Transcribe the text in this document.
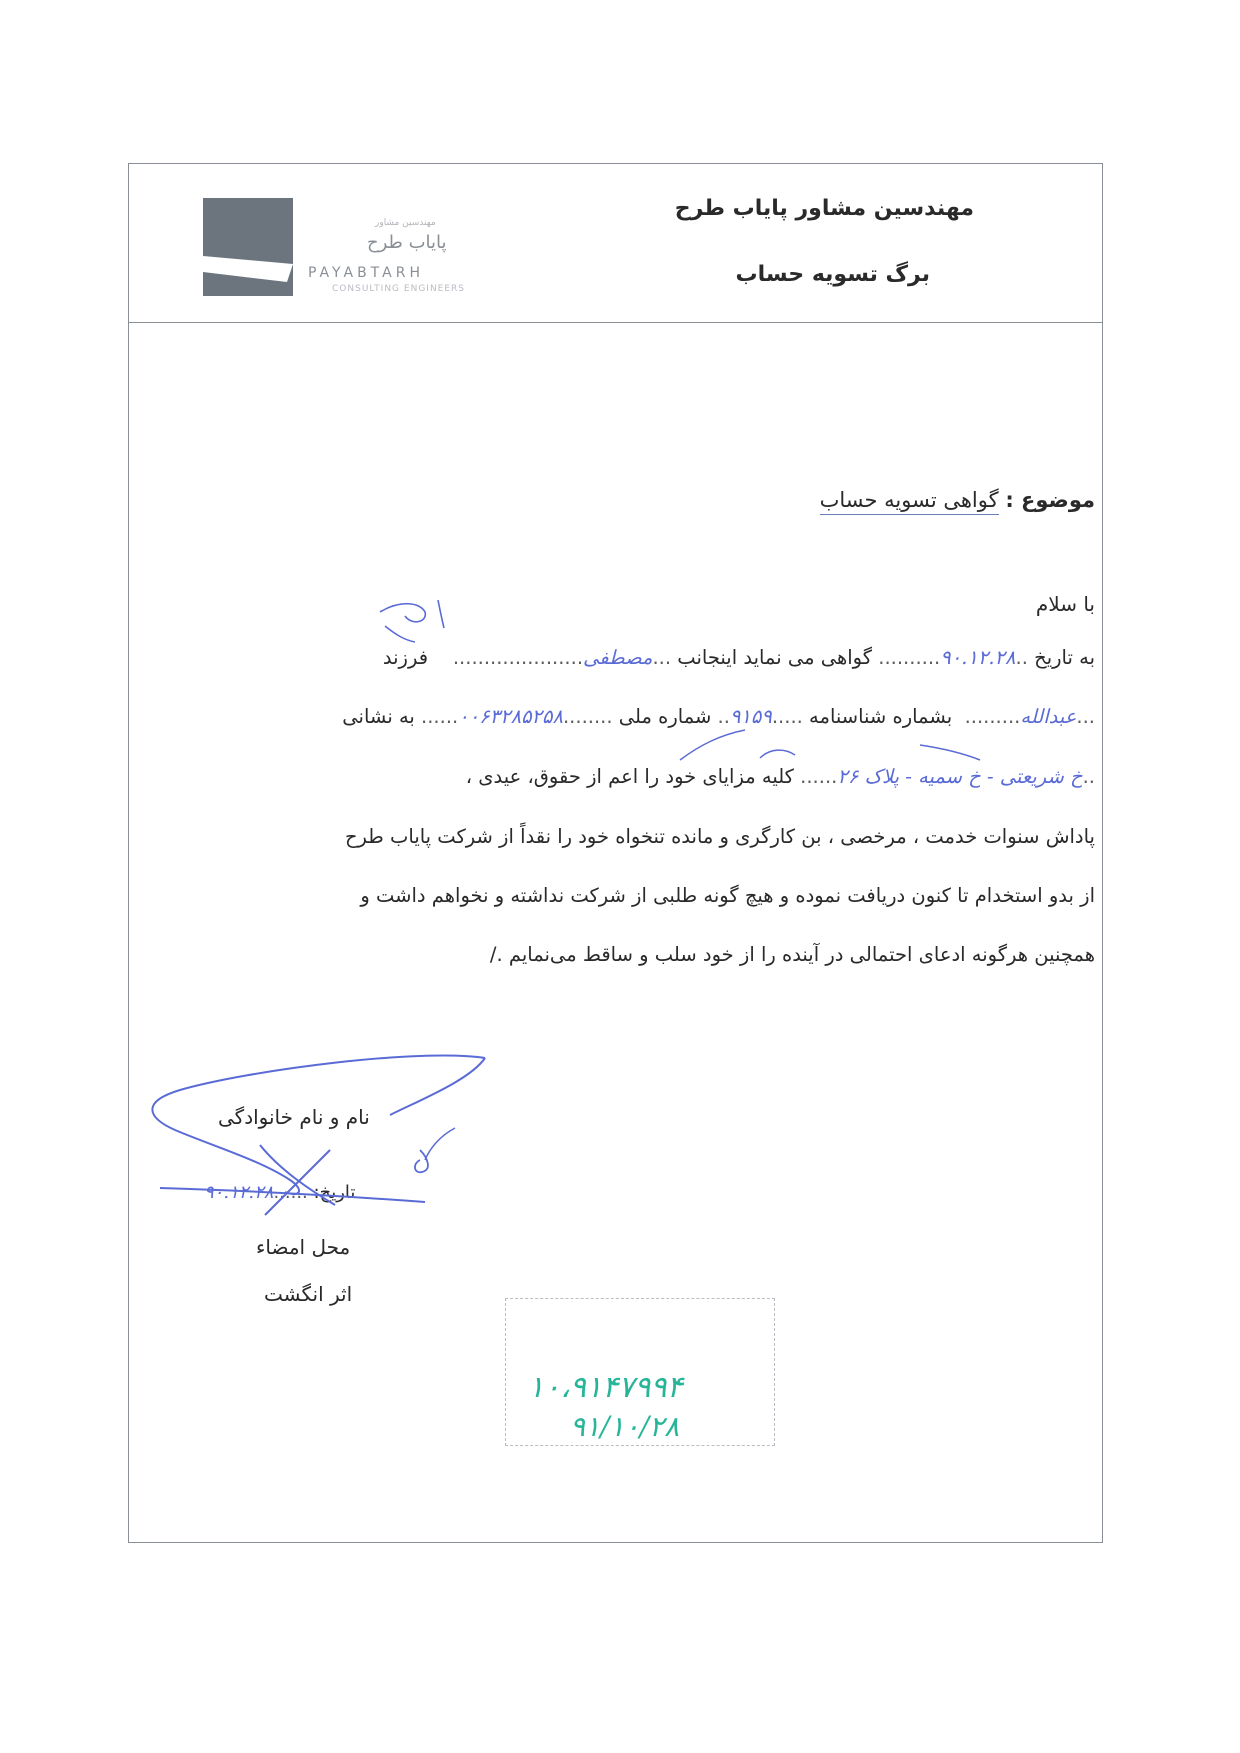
مهندسین مشاور
پایاب طرح
PAYABTARH
CONSULTING ENGINEERS
مهندسین مشاور پایاب طرح
برگ تسویه حساب
موضوع : گواهی تسویه حساب
با سلام
به تاریخ ..۹۰.۱۲.۲۸.......... گواهی می نماید اینجانب ...مصطفی.....................    فرزند
...عبدالله.........  بشماره شناسنامه .....۹۱۵۹.. شماره ملی ........۰۰۶۳۲۸۵۲۵۸...... به نشانی
..خ شریعتی - خ سمیه - پلاک ۲۶...... کلیه مزایای خود را اعم از حقوق، عیدی ،
پاداش سنوات خدمت ، مرخصی ، بن کارگری و مانده تنخواه خود را نقداً از شرکت پایاب طرح
از بدو استخدام تا کنون دریافت نموده و هیچ گونه طلبی از شرکت نداشته و نخواهم داشت و
همچنین هرگونه ادعای احتمالی در آینده را از خود سلب و ساقط می‌نمایم ./
نام و نام خانوادگی
تاریخ: ......۹۰.۱۲.۲۸
محل امضاء
اثر انگشت
۱۰،۹۱۴۷۹۹۴
۹۱/۱۰/۲۸
